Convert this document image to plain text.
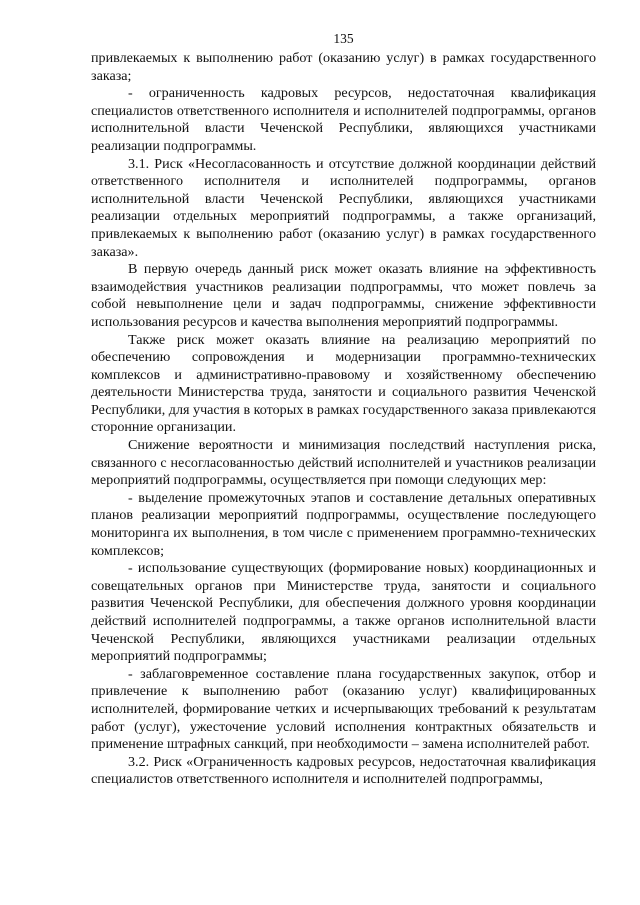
135

привлекаемых к выполнению работ (оказанию услуг) в рамках государственного заказа;

- ограниченность кадровых ресурсов, недостаточная квалификация специалистов ответственного исполнителя и исполнителей подпрограммы, органов исполнительной власти Чеченской Республики, являющихся участниками реализации подпрограммы.

3.1. Риск «Несогласованность и отсутствие должной координации действий ответственного исполнителя и исполнителей подпрограммы, органов исполнительной власти Чеченской Республики, являющихся участниками реализации отдельных мероприятий подпрограммы, а также организаций, привлекаемых к выполнению работ (оказанию услуг) в рамках государственного заказа».

В первую очередь данный риск может оказать влияние на эффективность взаимодействия участников реализации подпрограммы, что может повлечь за собой невыполнение цели и задач подпрограммы, снижение эффективности использования ресурсов и качества выполнения мероприятий подпрограммы.

Также риск может оказать влияние на реализацию мероприятий по обеспечению сопровождения и модернизации программно-технических комплексов и административно-правовому и хозяйственному обеспечению деятельности Министерства труда, занятости и социального развития Чеченской Республики, для участия в которых в рамках государственного заказа привлекаются сторонние организации.

Снижение вероятности и минимизация последствий наступления риска, связанного с несогласованностью действий исполнителей и участников реализации мероприятий подпрограммы, осуществляется при помощи следующих мер:

- выделение промежуточных этапов и составление детальных оперативных планов реализации мероприятий подпрограммы, осуществление последующего мониторинга их выполнения, в том числе с применением программно-технических комплексов;

- использование существующих (формирование новых) координационных и совещательных органов при Министерстве труда, занятости и социального развития Чеченской Республики, для обеспечения должного уровня координации действий исполнителей подпрограммы, а также органов исполнительной власти Чеченской Республики, являющихся участниками реализации отдельных мероприятий подпрограммы;

- заблаговременное составление плана государственных закупок, отбор и привлечение к выполнению работ (оказанию услуг) квалифицированных исполнителей, формирование четких и исчерпывающих требований к результатам работ (услуг), ужесточение условий исполнения контрактных обязательств и применение штрафных санкций, при необходимости – замена исполнителей работ.

3.2. Риск «Ограниченность кадровых ресурсов, недостаточная квалификация специалистов ответственного исполнителя и исполнителей подпрограммы,
